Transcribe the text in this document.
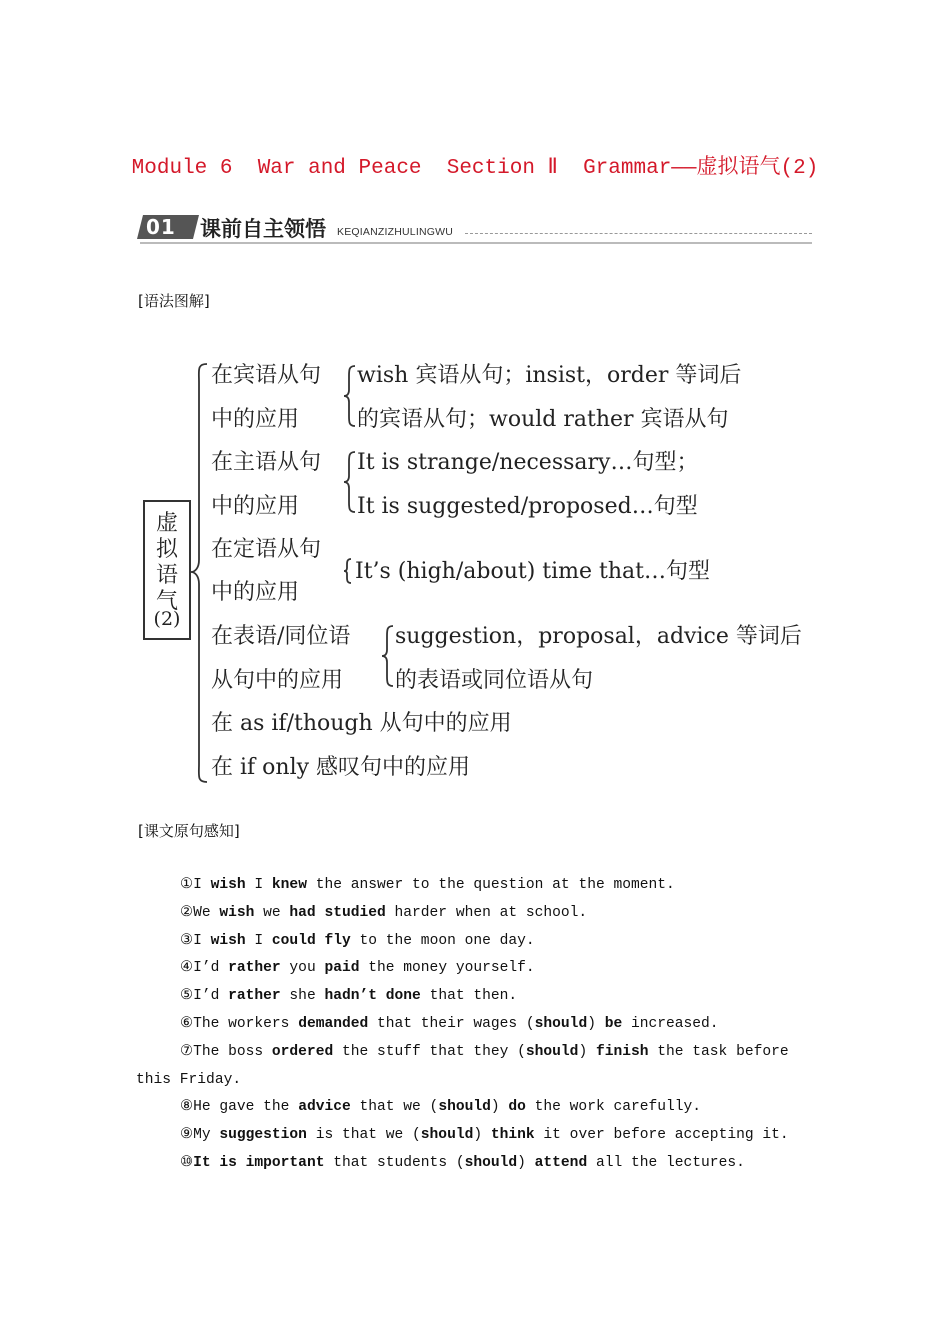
Module 6  War and Peace  Section Ⅱ  Grammar——虚拟语气(2)
01	课前自主领悟 KEQIANZIZHULINGWU
[语法图解]
虚
拟
语
气
(2)
在宾语从句
中的应用
wish 宾语从句；insist，order 等词后
的宾语从句；would rather 宾语从句
在主语从句
中的应用
It is strange/necessary…句型；
It is suggested/proposed…句型
在定语从句
中的应用
It’s (high/about) time that…句型
在表语/同位语
从句中的应用
suggestion，proposal，advice 等词后
的表语或同位语从句
在 as if/though 从句中的应用
在 if only 感叹句中的应用
[课文原句感知]
①I wish I knew the answer to the question at the moment.
②We wish we had studied harder when at school.
③I wish I could fly to the moon one day.
④I’d rather you paid the money yourself.
⑤I’d rather she hadn’t done that then.
⑥The workers demanded that their wages (should) be increased.
⑦The boss ordered the stuff that they (should) finish the task before this Friday.
⑧He gave the advice that we (should) do the work carefully.
⑨My suggestion is that we (should) think it over before accepting it.
⑩It is important that students (should) attend all the lectures.
